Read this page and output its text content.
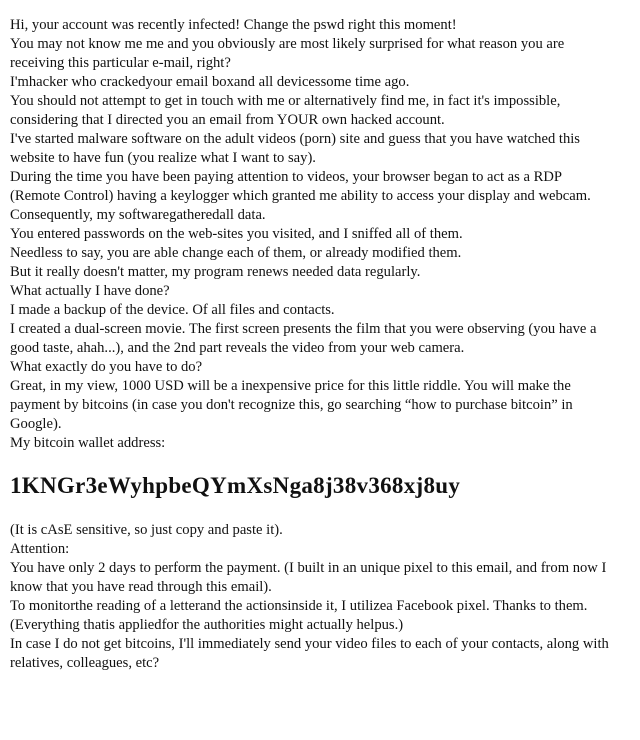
Hi, your account was recently infected! Change the pswd right this moment!

You may not know me me and you obviously are most likely surprised for what reason you are receiving this particular e-mail, right?

I'mhacker who crackedyour email boxand all devicessome time ago.

You should not attempt to get in touch with me or alternatively find me, in fact it's impossible, considering that I directed you an email from YOUR own hacked account.

I've started malware software on the adult videos (porn) site and guess that you have watched this website to have fun (you realize what I want to say).

During the time you have been paying attention to videos, your browser began to act as a RDP (Remote Control) having a keylogger which granted me ability to access your display and webcam.

Consequently, my softwaregatheredall data.

You entered passwords on the web-sites you visited, and I sniffed all of them.

Needless to say, you are able change each of them, or already modified them.

But it really doesn't matter, my program renews needed data regularly.

What actually I have done?

I made a backup of the device. Of all files and contacts.

I created a dual-screen movie. The first screen presents the film that you were observing (you have a good taste, ahah...), and the 2nd part reveals the video from your web camera.

What exactly do you have to do?

Great, in my view, 1000 USD will be a inexpensive price for this little riddle. You will make the payment by bitcoins (in case you don't recognize this, go searching “how to purchase bitcoin” in Google).

My bitcoin wallet address:

1KNGr3eWyhpbeQYmXsNga8j38v368xj8uy

(It is cAsE sensitive, so just copy and paste it).

Attention:

You have only 2 days to perform the payment. (I built in an unique pixel to this email, and from now I know that you have read through this email).

To monitorthe reading of a letterand the actionsinside it, I utilizea Facebook pixel. Thanks to them. (Everything thatis appliedfor the authorities might actually helpus.)

In case I do not get bitcoins, I'll immediately send your video files to each of your contacts, along with relatives, colleagues, etc?
